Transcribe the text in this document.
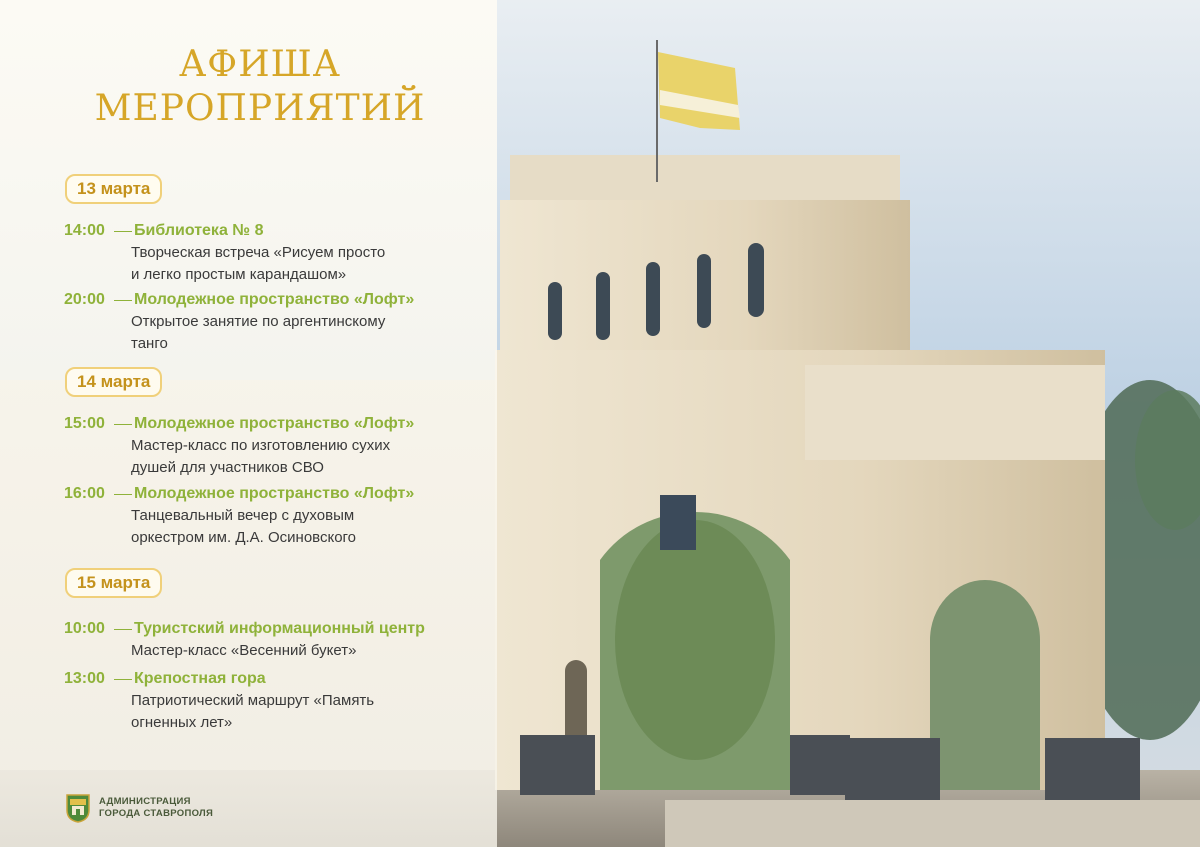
АФИША
МЕРОПРИЯТИЙ
13 марта
14:00	Библиотека № 8
Творческая встреча «Рисуем просто
и легко простым карандашом»
20:00	Молодежное пространство «Лофт»
Открытое занятие по аргентинскому
танго
14 марта
15:00	Молодежное пространство «Лофт»
Мастер-класс по изготовлению сухих
душей для участников СВО
16:00	Молодежное пространство «Лофт»
Танцевальный вечер с духовым
оркестром им. Д.А. Осиновского
15 марта
10:00	Туристский информационный центр
Мастер-класс «Весенний букет»
13:00	Крепостная гора
Патриотический маршрут «Память
огненных лет»
АДМИНИСТРАЦИЯ
ГОРОДА СТАВРОПОЛЯ
